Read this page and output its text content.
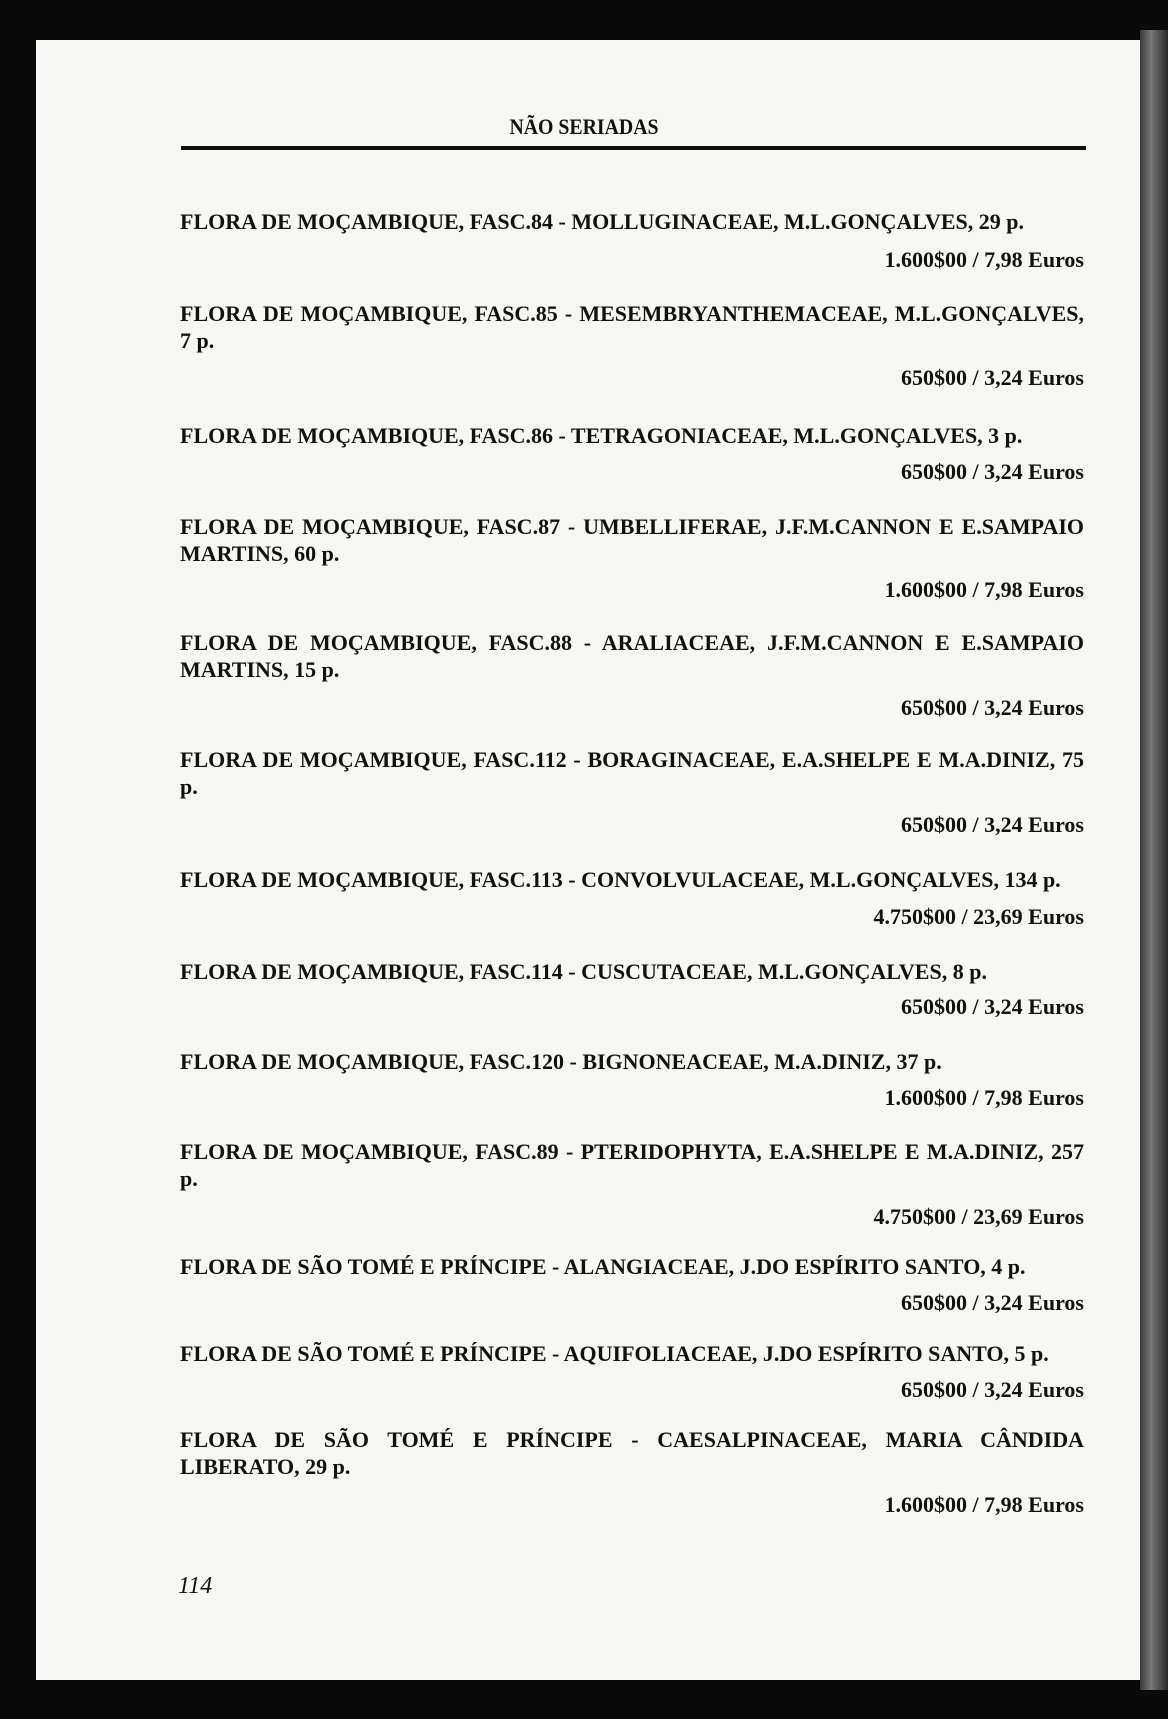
NÃO SERIADAS
FLORA DE MOÇAMBIQUE, FASC.84 - MOLLUGINACEAE, M.L.GONÇALVES, 29 p.
1.600$00 / 7,98 Euros
FLORA DE MOÇAMBIQUE, FASC.85 - MESEMBRYANTHEMACEAE, M.L.GONÇALVES, 7 p.
650$00 / 3,24 Euros
FLORA DE MOÇAMBIQUE, FASC.86 - TETRAGONIACEAE, M.L.GONÇALVES, 3 p.
650$00 / 3,24 Euros
FLORA DE MOÇAMBIQUE, FASC.87 - UMBELLIFERAE, J.F.M.CANNON E E.SAMPAIO MARTINS, 60 p.
1.600$00 / 7,98 Euros
FLORA DE MOÇAMBIQUE, FASC.88 - ARALIACEAE, J.F.M.CANNON E E.SAMPAIO MARTINS, 15 p.
650$00 / 3,24 Euros
FLORA DE MOÇAMBIQUE, FASC.112 - BORAGINACEAE, E.A.SHELPE E M.A.DINIZ, 75 p.
650$00 / 3,24 Euros
FLORA DE MOÇAMBIQUE, FASC.113 - CONVOLVULACEAE, M.L.GONÇALVES, 134 p.
4.750$00 / 23,69 Euros
FLORA DE MOÇAMBIQUE, FASC.114 - CUSCUTACEAE, M.L.GONÇALVES, 8 p.
650$00 / 3,24 Euros
FLORA DE MOÇAMBIQUE, FASC.120 - BIGNONEACEAE, M.A.DINIZ, 37 p.
1.600$00 / 7,98 Euros
FLORA DE MOÇAMBIQUE, FASC.89 - PTERIDOPHYTA, E.A.SHELPE E M.A.DINIZ, 257 p.
4.750$00 / 23,69 Euros
FLORA DE SÃO TOMÉ E PRÍNCIPE - ALANGIACEAE, J.DO ESPÍRITO SANTO, 4 p.
650$00 / 3,24 Euros
FLORA DE SÃO TOMÉ E PRÍNCIPE - AQUIFOLIACEAE, J.DO ESPÍRITO SANTO, 5 p.
650$00 / 3,24 Euros
FLORA DE SÃO TOMÉ E PRÍNCIPE - CAESALPINACEAE, MARIA CÂNDIDA LIBERATO, 29 p.
1.600$00 / 7,98 Euros
114
